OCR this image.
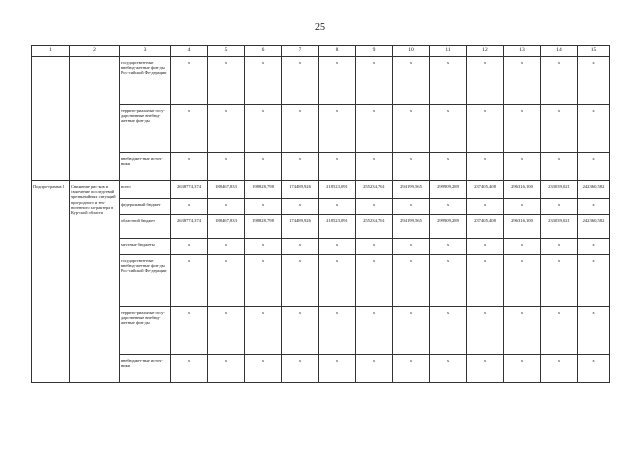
25
1	2	3	4	5	6	7	8	9	10	11	12	13	14	15
		государствен-ные внебюд-жетные фон-ды Рос-сийской Фе-дерации	x	x	x	x	x	x	x	x	x	x	x	x
		террито-риальные госу-дарственные внебюд-жетные фон-ды	x	x	x	x	x	x	x	x	x	x	x	x
		внебюджет-ные источ-ники	x	x	x	x	x	x	x	x	x	x	x	x
Подпро-грамма 1	Снижение рис-ков и смягчение последствий чрезвычайных ситуаций при-родного и тех-ногенного ха-рактера в Кур-ской области	всего	2638774,374	188467,833	198828,798	174489,926	218523,091	255234,761	294199,565	299909,289	237405,408	296316,100	233039,021	242360,582
		федеральный бюджет	x	x	x	x	x	x	x	x	x	x	x	x
		областной бюджет	2638774,374	188467,833	198828,798	174489,926	218523,091	255234,761	294199,565	299909,289	237405,408	296316,100	233039,021	242360,582
		местные бюджеты	x	x	x	x	x	x	x	x	x	x	x	x
		государствен-ные внебюд-жетные фон-ды Рос-сийской Фе-дерации	x	x	x	x	x	x	x	x	x	x	x	x
		террито-риальные госу-дарственные внебюд-жетные фон-ды	x	x	x	x	x	x	x	x	x	x	x	x
		внебюджет-ные источ-ники	x	x	x	x	x	x	x	x	x	x	x	x
